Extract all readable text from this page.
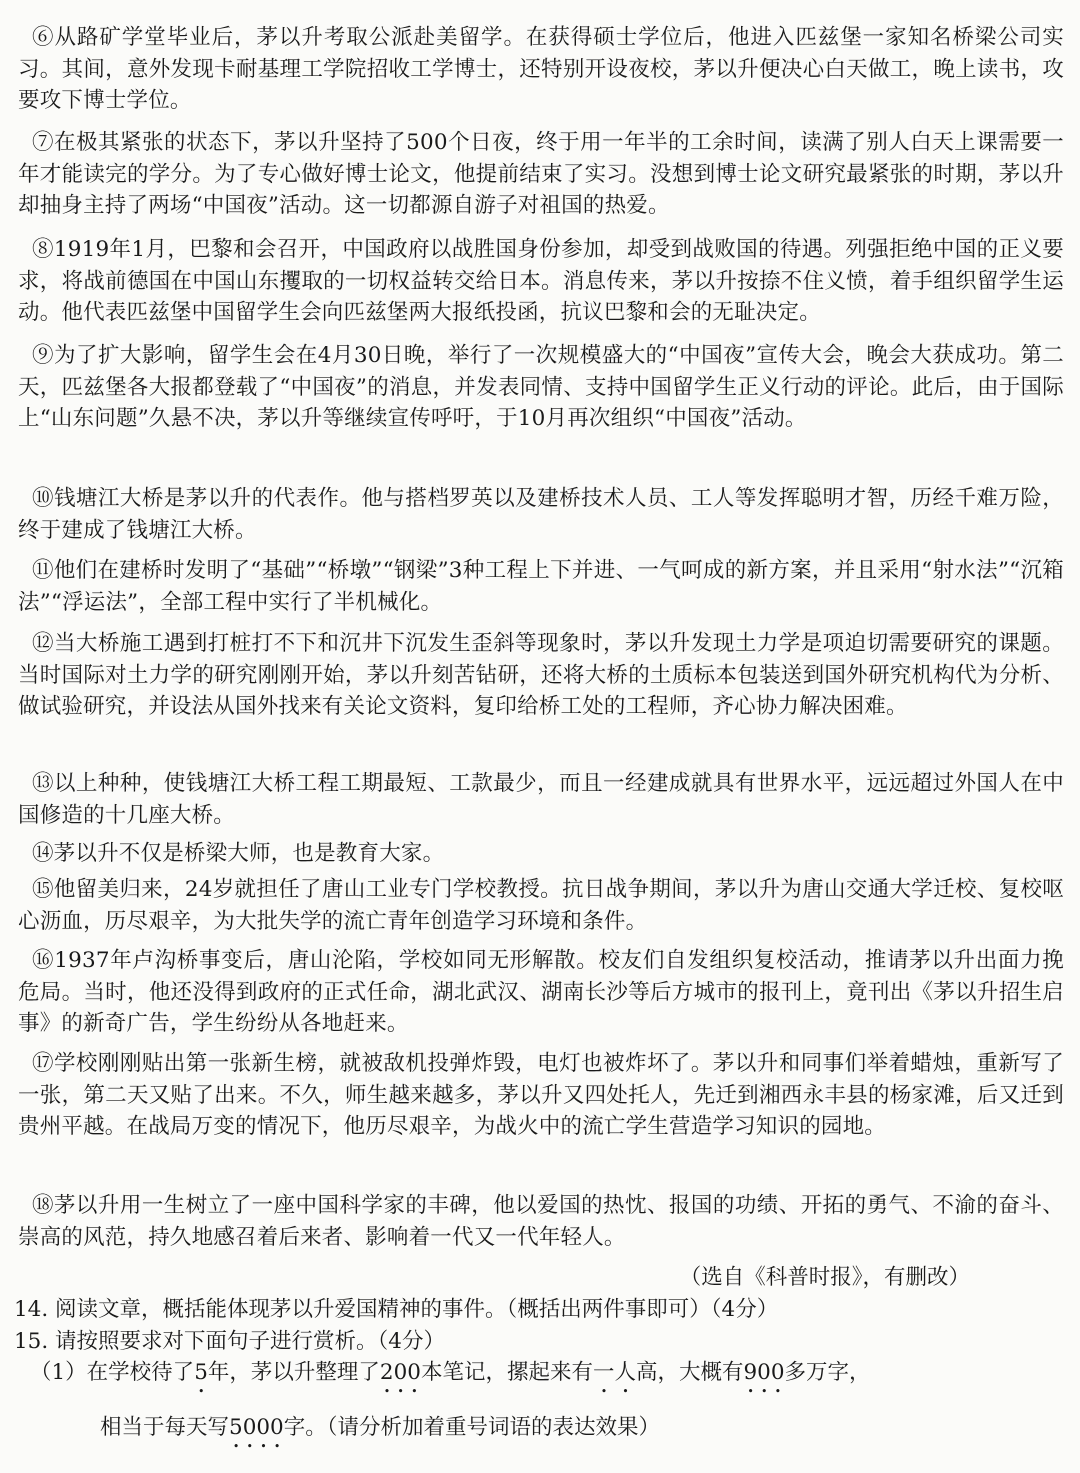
⑥从路矿学堂毕业后，茅以升考取公派赴美留学。在获得硕士学位后，他进入匹兹堡一家知名桥梁公司实习。其间，意外发现卡耐基理工学院招收工学博士，还特别开设夜校，茅以升便决心白天做工，晚上读书，攻要攻下博士学位。

⑦在极其紧张的状态下，茅以升坚持了500个日夜，终于用一年半的工余时间，读满了别人白天上课需要一年才能读完的学分。为了专心做好博士论文，他提前结束了实习。没想到博士论文研究最紧张的时期，茅以升却抽身主持了两场“中国夜”活动。这一切都源自游子对祖国的热爱。

⑧1919年1月，巴黎和会召开，中国政府以战胜国身份参加，却受到战败国的待遇。列强拒绝中国的正义要求，将战前德国在中国山东攫取的一切权益转交给日本。消息传来，茅以升按捺不住义愤，着手组织留学生运动。他代表匹兹堡中国留学生会向匹兹堡两大报纸投函，抗议巴黎和会的无耻决定。

⑨为了扩大影响，留学生会在4月30日晚，举行了一次规模盛大的“中国夜”宣传大会，晚会大获成功。第二天，匹兹堡各大报都登载了“中国夜”的消息，并发表同情、支持中国留学生正义行动的评论。此后，由于国际上“山东问题”久悬不决，茅以升等继续宣传呼吁，于10月再次组织“中国夜”活动。

⑩钱塘江大桥是茅以升的代表作。他与搭档罗英以及建桥技术人员、工人等发挥聪明才智，历经千难万险，终于建成了钱塘江大桥。

⑪他们在建桥时发明了“基础”“桥墩”“钢梁”3种工程上下并进、一气呵成的新方案，并且采用“射水法”“沉箱法”“浮运法”，全部工程中实行了半机械化。

⑫当大桥施工遇到打桩打不下和沉井下沉发生歪斜等现象时，茅以升发现土力学是项迫切需要研究的课题。当时国际对土力学的研究刚刚开始，茅以升刻苦钻研，还将大桥的土质标本包装送到国外研究机构代为分析、做试验研究，并设法从国外找来有关论文资料，复印给桥工处的工程师，齐心协力解决困难。

⑬以上种种，使钱塘江大桥工程工期最短、工款最少，而且一经建成就具有世界水平，远远超过外国人在中国修造的十几座大桥。

⑭茅以升不仅是桥梁大师，也是教育大家。

⑮他留美归来，24岁就担任了唐山工业专门学校教授。抗日战争期间，茅以升为唐山交通大学迁校、复校呕心沥血，历尽艰辛，为大批失学的流亡青年创造学习环境和条件。

⑯1937年卢沟桥事变后，唐山沦陷，学校如同无形解散。校友们自发组织复校活动，推请茅以升出面力挽危局。当时，他还没得到政府的正式任命，湖北武汉、湖南长沙等后方城市的报刊上，竟刊出《茅以升招生启事》的新奇广告，学生纷纷从各地赶来。

⑰学校刚刚贴出第一张新生榜，就被敌机投弹炸毁，电灯也被炸坏了。茅以升和同事们举着蜡烛，重新写了一张，第二天又贴了出来。不久，师生越来越多，茅以升又四处托人，先迁到湘西永丰县的杨家滩，后又迁到贵州平越。在战局万变的情况下，他历尽艰辛，为战火中的流亡学生营造学习知识的园地。

⑱茅以升用一生树立了一座中国科学家的丰碑，他以爱国的热忱、报国的功绩、开拓的勇气、不渝的奋斗、崇高的风范，持久地感召着后来者、影响着一代又一代年轻人。

（选自《科普时报》，有删改）

14. 阅读文章，概括能体现茅以升爱国精神的事件。（概括出两件事即可）（4分）

15. 请按照要求对下面句子进行赏析。（4分）

（1）在学校待了5年，茅以升整理了200本笔记，摞起来有一人高，大概有900多万字，

相当于每天写5000字。（请分析加着重号词语的表达效果）
